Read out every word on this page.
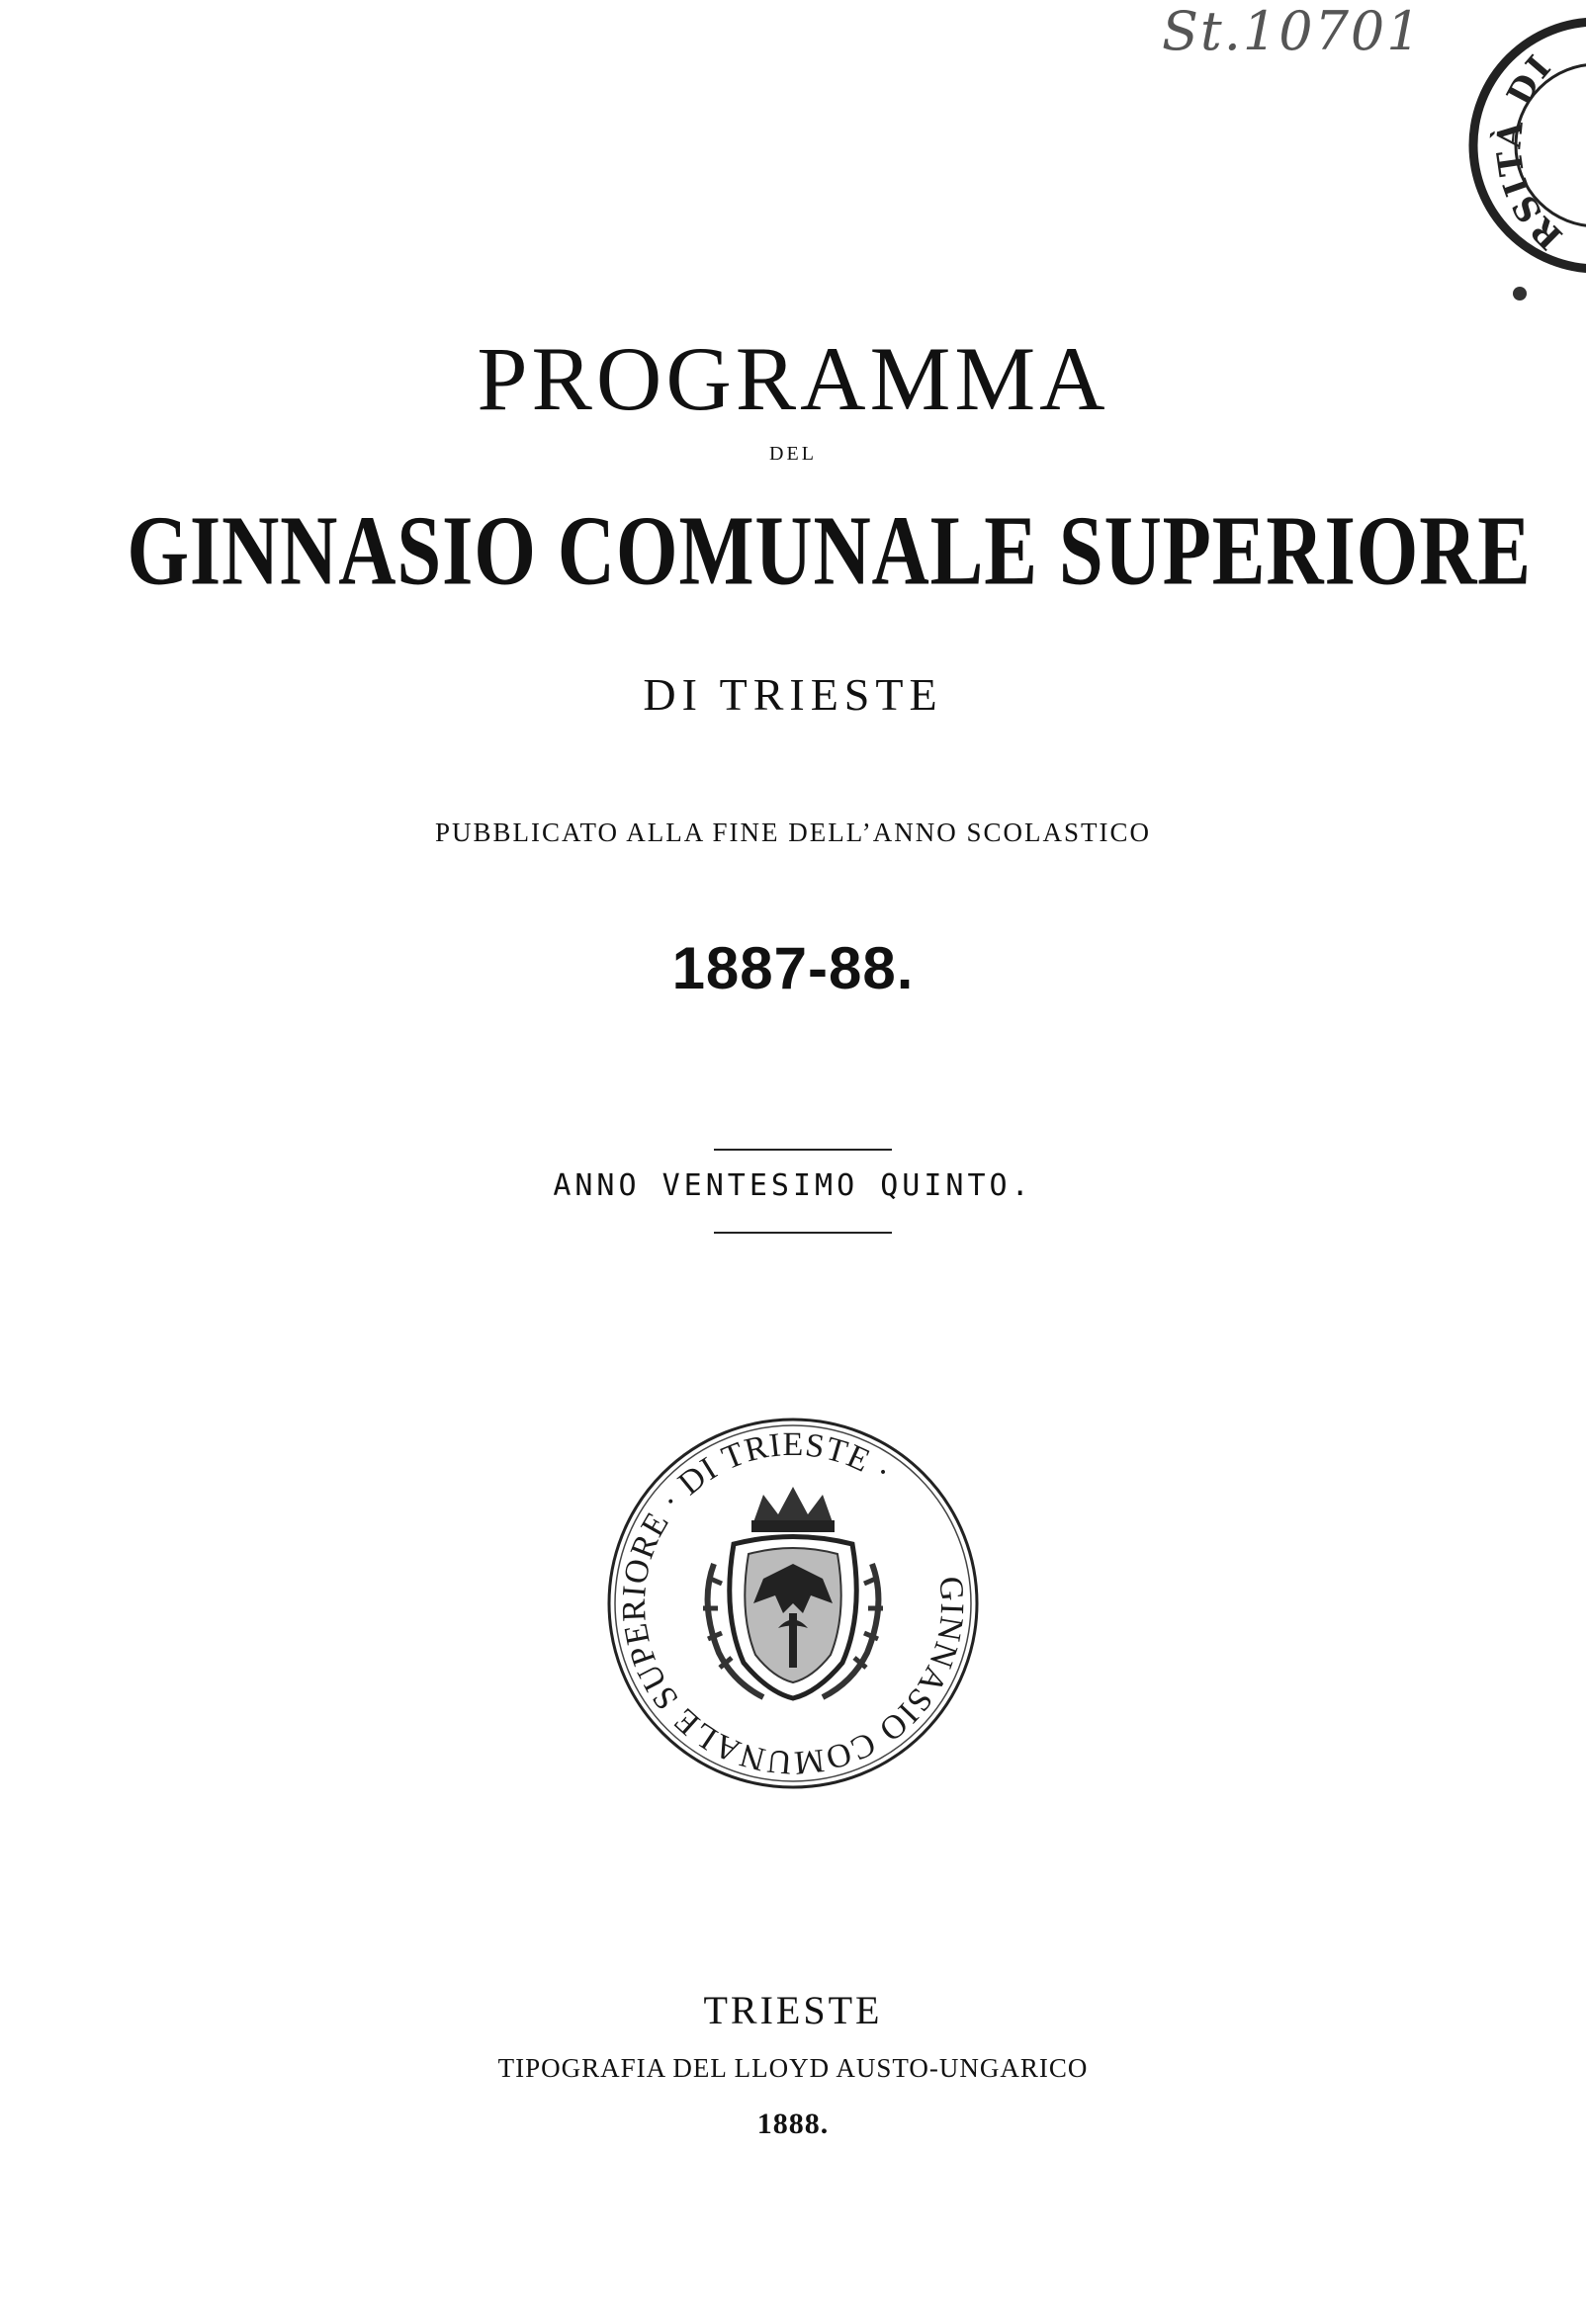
St.10701
RSITÀ DI
PROGRAMMA
DEL
GINNASIO COMUNALE SUPERIORE
DI TRIESTE
PUBBLICATO ALLA FINE DELL’ANNO SCOLASTICO
1887-88.
ANNO VENTESIMO QUINTO.
GINNASIO COMUNALE SUPERIORE · DI TRIESTE ·
TRIESTE
TIPOGRAFIA DEL LLOYD AUSTO-UNGARICO
1888.
